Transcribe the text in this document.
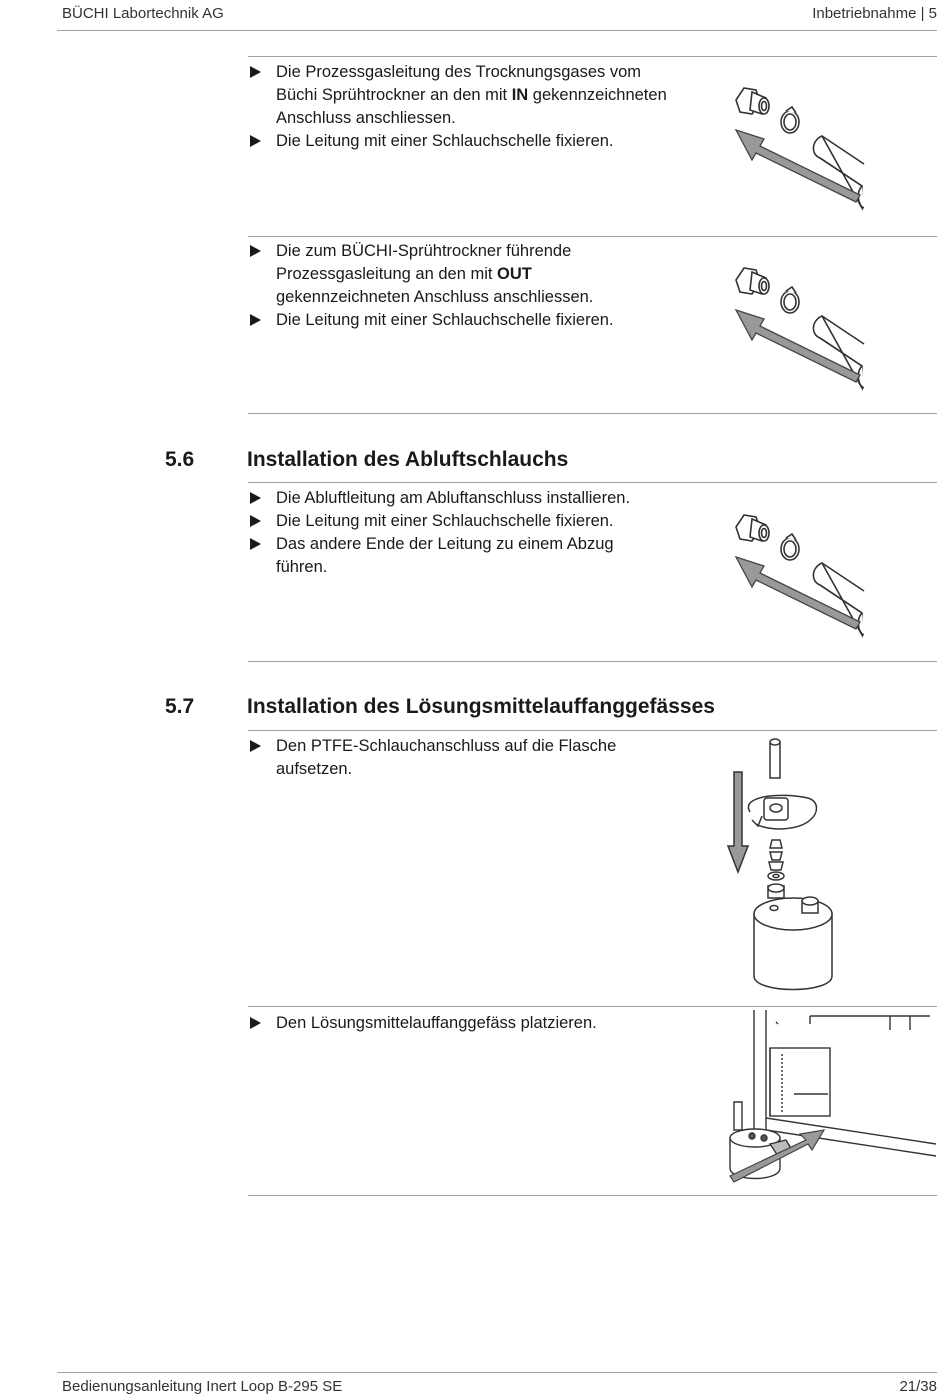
BÜCHI Labortechnik AG	Inbetriebnahme | 5
Die Prozessgasleitung des Trocknungsgases vom Büchi Sprühtrockner an den mit IN gekennzeichneten Anschluss anschliessen.
Die Leitung mit einer Schlauchschelle fixieren.
Die zum BÜCHI-Sprühtrockner führende Prozessgasleitung an den mit OUT gekennzeichneten Anschluss anschliessen.
Die Leitung mit einer Schlauchschelle fixieren.
5.6	Installation des Abluftschlauchs
Die Abluftleitung am Abluftanschluss installieren.
Die Leitung mit einer Schlauchschelle fixieren.
Das andere Ende der Leitung zu einem Abzug führen.
5.7	Installation des Lösungsmittelauffanggefässes
Den PTFE-Schlauchanschluss auf die Flasche aufsetzen.
Den Lösungsmittelauffanggefäss platzieren.
Bedienungsanleitung Inert Loop B-295 SE	21/38
